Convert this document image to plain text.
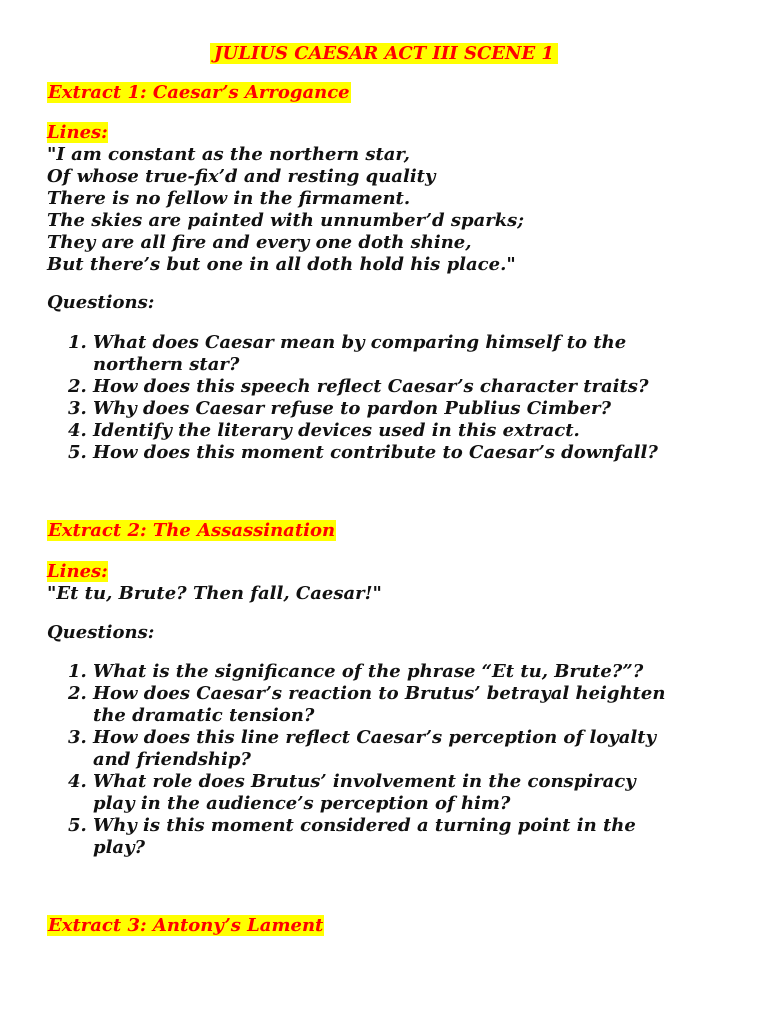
JULIUS CAESAR ACT III SCENE 1
Extract 1: Caesar’s Arrogance
Lines:
"I am constant as the northern star,
Of whose true-fix’d and resting quality
There is no fellow in the firmament.
The skies are painted with unnumber’d sparks;
They are all fire and every one doth shine,
But there’s but one in all doth hold his place."
Questions:
1. What does Caesar mean by comparing himself to the
northern star?
2. How does this speech reflect Caesar’s character traits?
3. Why does Caesar refuse to pardon Publius Cimber?
4. Identify the literary devices used in this extract.
5. How does this moment contribute to Caesar’s downfall?
Extract 2: The Assassination
Lines:
"Et tu, Brute? Then fall, Caesar!"
Questions:
1. What is the significance of the phrase “Et tu, Brute?”?
2. How does Caesar’s reaction to Brutus’ betrayal heighten
the dramatic tension?
3. How does this line reflect Caesar’s perception of loyalty
and friendship?
4. What role does Brutus’ involvement in the conspiracy
play in the audience’s perception of him?
5. Why is this moment considered a turning point in the
play?
Extract 3: Antony’s Lament
